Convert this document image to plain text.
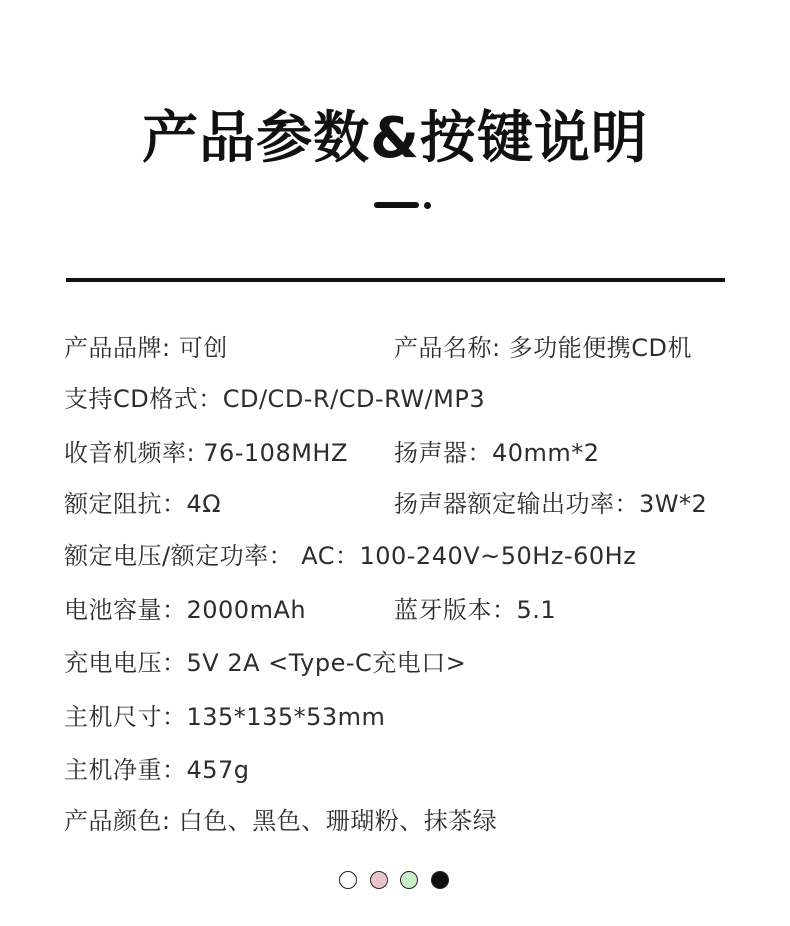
产品参数&按键说明
产品品牌: 可创	产品名称: 多功能便携CD机
支持CD格式：CD/CD-R/CD-RW/MP3
收音机频率: 76-108MHZ 扬声器：40mm*2
额定阻抗：4Ω	扬声器额定输出功率：3W*2
额定电压/额定功率： AC：100-240V~50Hz-60Hz
电池容量：2000mAh	蓝牙版本：5.1
充电电压：5V 2A <Type-C充电口>
主机尺寸：135*135*53mm
主机净重：457g
产品颜色: 白色、黑色、珊瑚粉、抹茶绿
